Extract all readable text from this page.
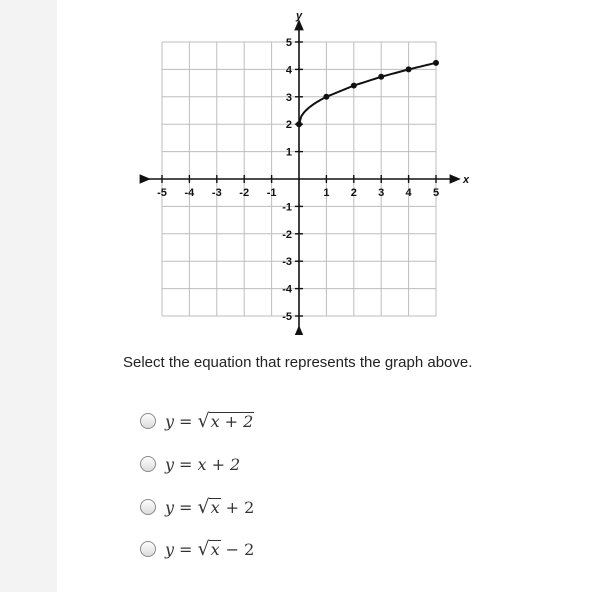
x
y
-5 -4 -3 -2 -1	1 2 3 4 5
5
4
3
2
1
-1
-2
-3
-4
-5

Select the equation that represents the graph above.

y = √ x + 2
y = x + 2
y = √ x + 2
y = √ x − 2
